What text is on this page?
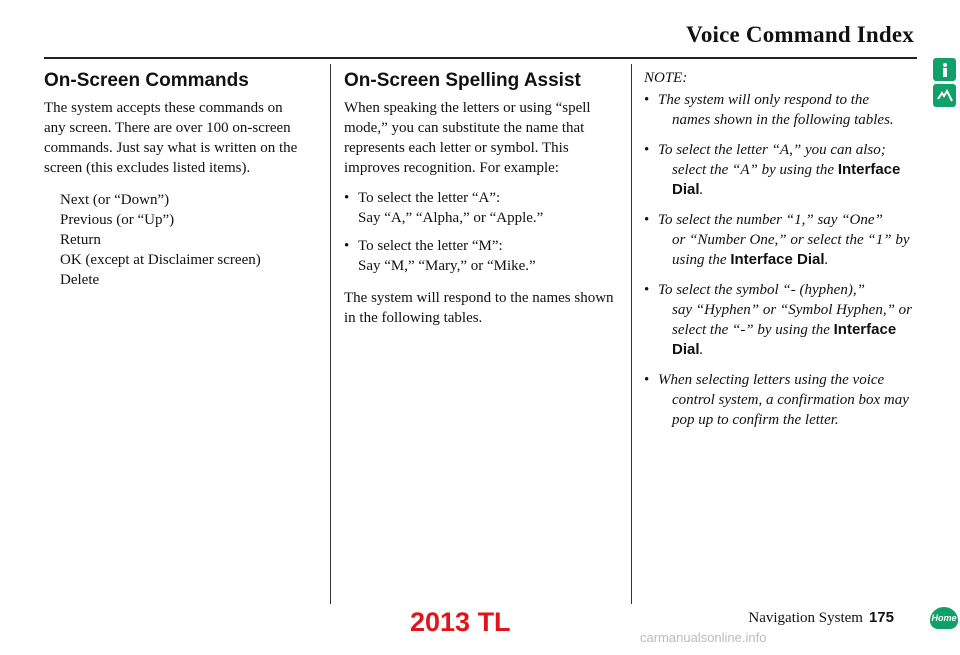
Voice Command Index
On-Screen Commands

The system accepts these commands on any screen. There are over 100 on-screen commands. Just say what is written on the screen (this excludes listed items).

Next (or “Down”)
Previous (or “Up”)
Return
OK (except at Disclaimer screen)
Delete
On-Screen Spelling Assist

When speaking the letters or using “spell mode,” you can substitute the name that represents each letter or symbol. This improves recognition. For example:

• To select the letter “A”:
Say “A,” “Alpha,” or “Apple.”
• To select the letter “M”:
Say “M,” “Mary,” or “Mike.”

The system will respond to the names shown in the following tables.

NOTE:
• The system will only respond to the
names shown in the following tables.
• To select the letter “A,” you can also;
select the “A” by using the Interface Dial.
• To select the number “1,” say “One”
or “Number One,” or select the “1” by using the Interface Dial.
• To select the symbol “- (hyphen),”
say “Hyphen” or “Symbol Hyphen,” or select the “-” by using the Interface Dial.
• When selecting letters using the voice
control system, a confirmation box may pop up to confirm the letter.
2013 TL	Navigation System 175	Home
carmanualsonline.info
